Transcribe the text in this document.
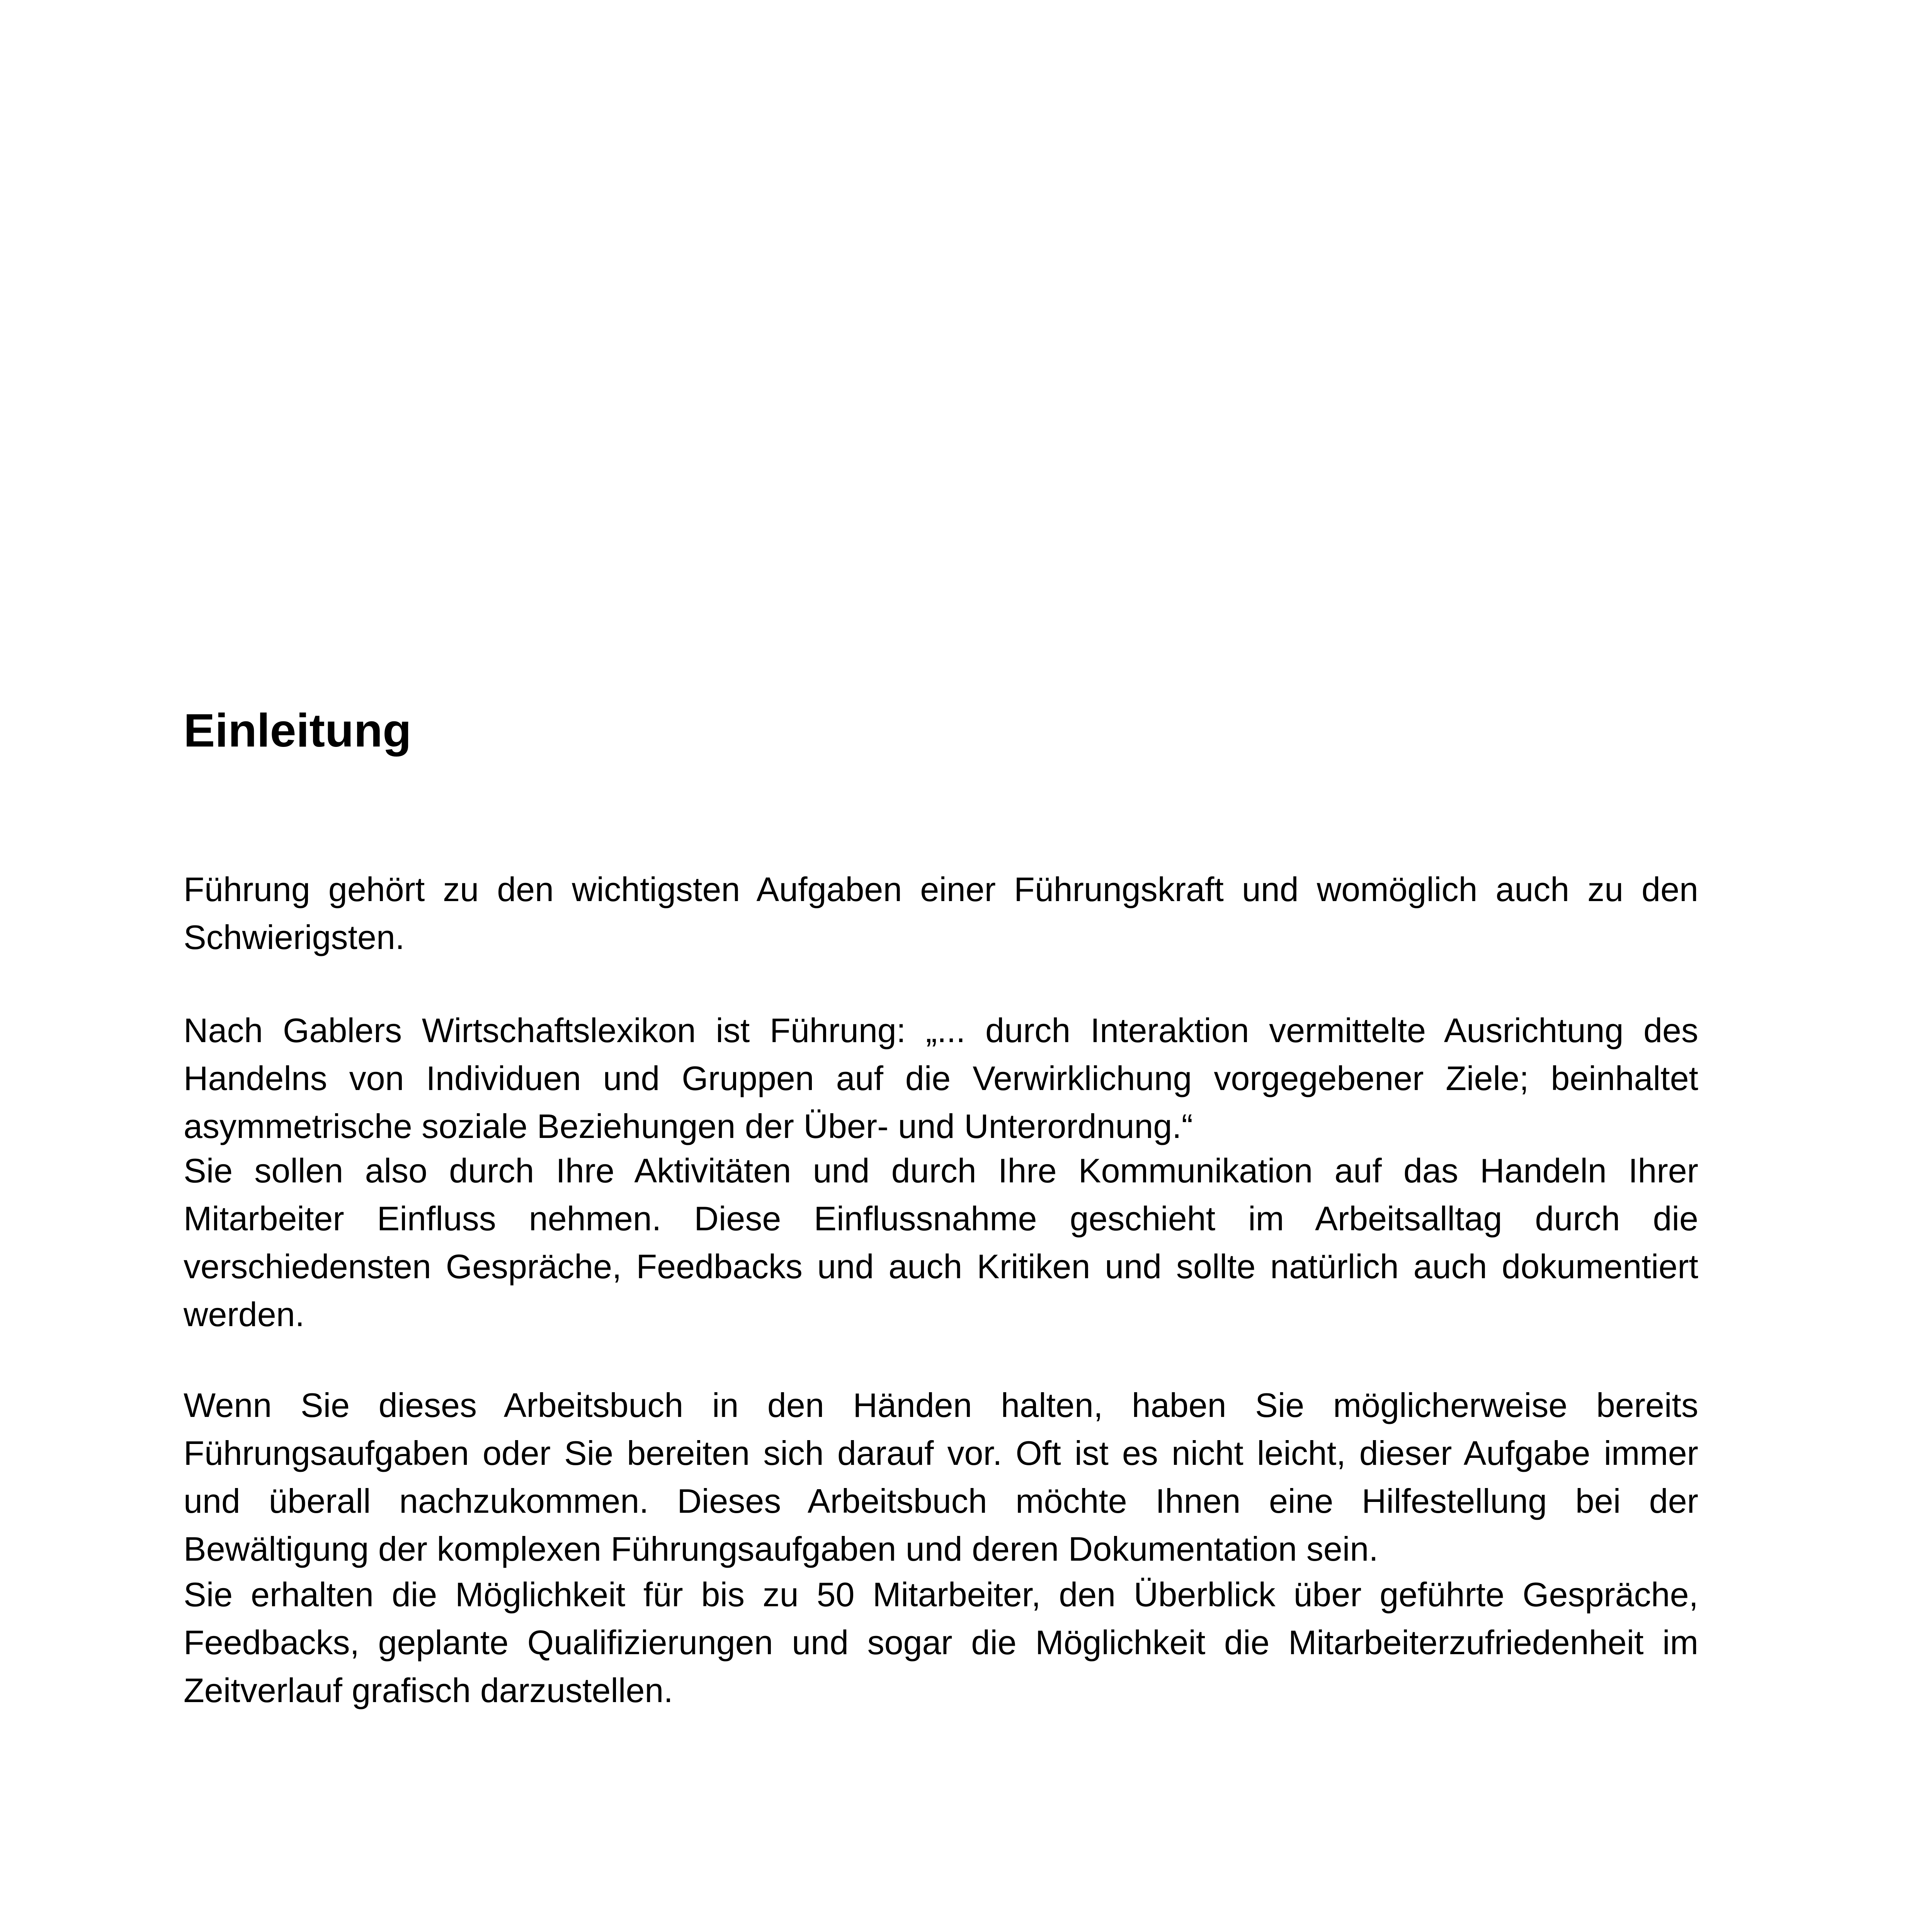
Einleitung

Führung gehört zu den wichtigsten Aufgaben einer Führungskraft und womöglich auch zu den
Schwierigsten.

Nach Gablers Wirtschaftslexikon ist Führung: „... durch Interaktion vermittelte Ausrichtung des
Handelns von Individuen und Gruppen auf die Verwirklichung vorgegebener Ziele; beinhaltet
asymmetrische soziale Beziehungen der Über- und Unterordnung.“

Sie sollen also durch Ihre Aktivitäten und durch Ihre Kommunikation auf das Handeln Ihrer
Mitarbeiter Einfluss nehmen. Diese Einflussnahme geschieht im Arbeitsalltag durch die
verschiedensten Gespräche, Feedbacks und auch Kritiken und sollte natürlich auch dokumentiert
werden.

Wenn Sie dieses Arbeitsbuch in den Händen halten, haben Sie möglicherweise bereits
Führungsaufgaben oder Sie bereiten sich darauf vor. Oft ist es nicht leicht, dieser Aufgabe immer
und überall nachzukommen. Dieses Arbeitsbuch möchte Ihnen eine Hilfestellung bei der
Bewältigung der komplexen Führungsaufgaben und deren Dokumentation sein.

Sie erhalten die Möglichkeit für bis zu 50 Mitarbeiter, den Überblick über geführte Gespräche,
Feedbacks, geplante Qualifizierungen und sogar die Möglichkeit die Mitarbeiterzufriedenheit im
Zeitverlauf grafisch darzustellen.
